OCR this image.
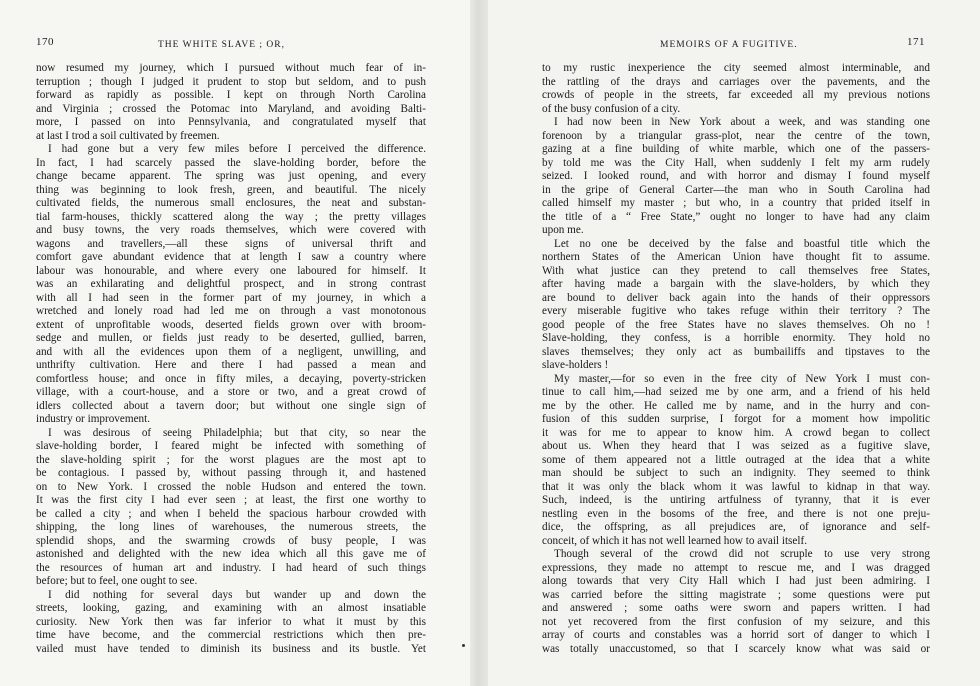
170	THE WHITE SLAVE ; OR,
now resumed my journey, which I pursued without much fear of in-
terruption ; though I judged it prudent to stop but seldom, and to push
forward as rapidly as possible. I kept on through North Carolina
and Virginia ; crossed the Potomac into Maryland, and avoiding Balti-
more, I passed on into Pennsylvania, and congratulated myself that
at last I trod a soil cultivated by freemen.
I had gone but a very few miles before I perceived the difference.
In fact, I had scarcely passed the slave-holding border, before the
change became apparent. The spring was just opening, and every
thing was beginning to look fresh, green, and beautiful. The nicely
cultivated fields, the numerous small enclosures, the neat and substan-
tial farm-houses, thickly scattered along the way ; the pretty villages
and busy towns, the very roads themselves, which were covered with
wagons and travellers,—all these signs of universal thrift and
comfort gave abundant evidence that at length I saw a country where
labour was honourable, and where every one laboured for himself. It
was an exhilarating and delightful prospect, and in strong contrast
with all I had seen in the former part of my journey, in which a
wretched and lonely road had led me on through a vast monotonous
extent of unprofitable woods, deserted fields grown over with broom-
sedge and mullen, or fields just ready to be deserted, gullied, barren,
and with all the evidences upon them of a negligent, unwilling, and
unthrifty cultivation. Here and there I had passed a mean and
comfortless house; and once in fifty miles, a decaying, poverty-stricken
village, with a court-house, and a store or two, and a great crowd of
idlers collected about a tavern door; but without one single sign of
industry or improvement.
I was desirous of seeing Philadelphia; but that city, so near the
slave-holding border, I feared might be infected with something of
the slave-holding spirit ; for the worst plagues are the most apt to
be contagious. I passed by, without passing through it, and hastened
on to New York. I crossed the noble Hudson and entered the town.
It was the first city I had ever seen ; at least, the first one worthy to
be called a city ; and when I beheld the spacious harbour crowded with
shipping, the long lines of warehouses, the numerous streets, the
splendid shops, and the swarming crowds of busy people, I was
astonished and delighted with the new idea which all this gave me of
the resources of human art and industry. I had heard of such things
before; but to feel, one ought to see.
I did nothing for several days but wander up and down the
streets, looking, gazing, and examining with an almost insatiable
curiosity. New York then was far inferior to what it must by this
time have become, and the commercial restrictions which then pre-
vailed must have tended to diminish its business and its bustle. Yet
MEMOIRS OF A FUGITIVE.	171
to my rustic inexperience the city seemed almost interminable, and
the rattling of the drays and carriages over the pavements, and the
crowds of people in the streets, far exceeded all my previous notions
of the busy confusion of a city.
I had now been in New York about a week, and was standing one
forenoon by a triangular grass-plot, near the centre of the town,
gazing at a fine building of white marble, which one of the passers-
by told me was the City Hall, when suddenly I felt my arm rudely
seized. I looked round, and with horror and dismay I found myself
in the gripe of General Carter—the man who in South Carolina had
called himself my master ; but who, in a country that prided itself in
the title of a “ Free State,” ought no longer to have had any claim
upon me.
Let no one be deceived by the false and boastful title which the
northern States of the American Union have thought fit to assume.
With what justice can they pretend to call themselves free States,
after having made a bargain with the slave-holders, by which they
are bound to deliver back again into the hands of their oppressors
every miserable fugitive who takes refuge within their territory ? The
good people of the free States have no slaves themselves. Oh no !
Slave-holding, they confess, is a horrible enormity. They hold no
slaves themselves; they only act as bumbailiffs and tipstaves to the
slave-holders !
My master,—for so even in the free city of New York I must con-
tinue to call him,—had seized me by one arm, and a friend of his held
me by the other. He called me by name, and in the hurry and con-
fusion of this sudden surprise, I forgot for a moment how impolitic
it was for me to appear to know him. A crowd began to collect
about us. When they heard that I was seized as a fugitive slave,
some of them appeared not a little outraged at the idea that a white
man should be subject to such an indignity. They seemed to think
that it was only the black whom it was lawful to kidnap in that way.
Such, indeed, is the untiring artfulness of tyranny, that it is ever
nestling even in the bosoms of the free, and there is not one preju-
dice, the offspring, as all prejudices are, of ignorance and self-
conceit, of which it has not well learned how to avail itself.
Though several of the crowd did not scruple to use very strong
expressions, they made no attempt to rescue me, and I was dragged
along towards that very City Hall which I had just been admiring. I
was carried before the sitting magistrate ; some questions were put
and answered ; some oaths were sworn and papers written. I had
not yet recovered from the first confusion of my seizure, and this
array of courts and constables was a horrid sort of danger to which I
was totally unaccustomed, so that I scarcely know what was said or
